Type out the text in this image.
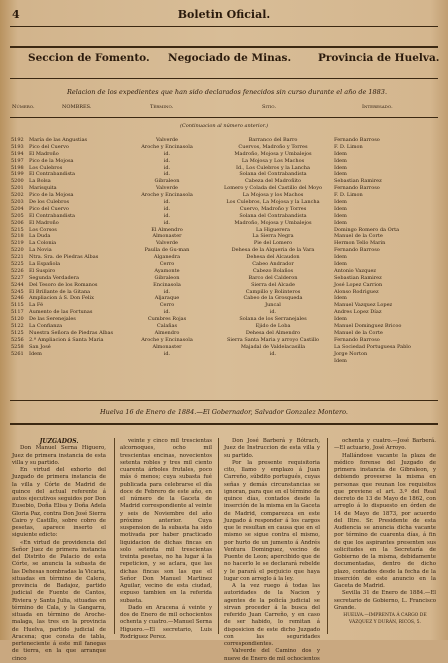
4	Boletin Oficial.
Seccion de Fomento. Negociado de Minas.	Provincia de Huelva.
Relacion de los expedientes que han sido declarados fenecidos sin curso durante el año de 1883.
Número.	NOMBRES.	Término.	Sitio.	Interesado.
(Continuacion al número anterior.)
5192	María de las Angustias	Valverde	Barranco del Barro	Fernando Barroso
5193	Pico del Cuervo	Aroche y Encinasola	Cuervos, Madroño y Torres	F. D. Limon
5194	El Madroño	id.	Madroño, Mojosa y Umbalejos	Idem
5197	Pico de la Mojosa	id.	La Mojosa y Los Machos	Idem
5198	Los Culebros	id.	Id., Los Culebros y la Lancha	Idem
5199	El Contrabandista	id.	Solana del Contrabandista	Idem
5200	La Bolsa	Gibraleon	Cabeza del Madroñito	Sebastian Ramirez
5201	Marisquita	Valverde	Lomero y Colada del Castillo del Moyo	Fernando Barroso
5202	Pico de la Mojosa	Aroche y Encinasola	La Mojosa y los Machos	F. D. Limon
5203	De los Culebros	id.	Los Culebros, La Mojosa y la Lancha	Idem
5204	Pico del Cuervo	id.	Cuervo, Madroño y Torres	Idem
5205	El Contrabandista	id.	Solana del Contrabandista	Idem
5206	El Madroño	id.	Madroño, Mojosa y Umbalejos	Idem
5215	Los Corsos	El Almendro	La Higuerera	Domingo Romero da Orta
5218	La Duda	Almonaster	La Sierra Negra	Manuel de la Corte
5219	La Colonia	Valverde	Pie del Lomero	Hermon Tello Marin
5220	La Novia	Paulla de Gu-man	Dehesa de la Alqueria de la Vara	Fernando Barroso
5221	Ntra. Sra. de Piedras Albas	Alganedra	Dehesa del Alcaudon	Idem
5225	La Española	Cerro	Cabeo Andrador	Idem
5226	El Suspiro	Ayamonte	Cabezo Bolaños	Antonio Vazquez
5227	Segunda Verdadera	Gibraleon	Barco del Calderon	Sebastian Ramirez
5244	Del Tesoro de los Romanos	Encinasola	Sierra del Alcade	José Lopez Carrion
5245	El Brillante de la Gitana	id.	Campillo y Bolinteros	Alonso Rodriguez
5246	Ampliacion á S. Don Felix	Aljaraque	Cabeo de la Grosqueda	Idem
5115	La Fé	Cerro	Juncal	Manuel Vazquez Lopez
5117	Aumento de las Fortunas	id.	id.	Andres Lopez Díaz
5120	De las Serenejales	Cumbres Rojas	Solana de los Serranejales	Idem
5122	La Confianza	Calañas	Ejido de Loba	Manuel Dominguez Bricoo
5125	Nuestra Señora de Piedras Albas	Almendro	Dehesa del Almendro	Manuel de la Corte
5256	2.ª Ampliacion á Santa Maria	Aroche y Encinasola	Sierra Santa Maria y arroyo Castillo	Fernando Barroso
5258	San José	Almonaster	Majadal de Valdelacasilla	La Sociedad Portuguesa Pablo
5261	Idem	id.	id.	Jorge Norton
Idem
Huelva 16 de Enero de 1884.—El Gobernador, Salvador Gonzalez Montero.

JUZGADOS.

Don Manuel Serna Higuero, Juez de primera instancia de esta villa y su partido.

En virtud del exhorto del Juzgado de primera instancia de la villa y Córte de Madrid de quince del actual referente á autos ejecutivos seguidos por Don Eusebio, Doña Elisa y Doña Adela Gloria Paz, contra Don José Sierra Cairo y Castillo, sobre cobro de pesetas, aparece inserto el siguiente edicto:

«En virtud de providencia del Señor Juez de primera instancia del Distrito de Palacio de esta Córte, se anuncia la subasta de las Dehesas nombradas la Vicaria, situadas en término de Calera, provincia de Badajoz, partido judicial de Fuente de Cantos, Riviera y Santa Julia, situadas en término de Cala, y la Gangarra, situada en término de Aroche-malaga, las tres en la provincia de Huelva, partido judicial de Aracena; que consta de tabla, perteneciente á este mil fanegas de tierra, en la que arranque cinco

veinte y cinco mil trescientas alcornoques, ocho mil trescientas encinas, novecientos setenta robles y tres mil ciento cuarenta árboles frutales, poco más ó menos; cuya subasta fué publicada para celebrarse el día doce de Febrero de este año, en el número de la Gaceta de Madrid correspondiente al veinte y seis de Noviembre del año próximo anterior. Cuya suspension de la subasta ha sido motivada por haber practicado liquidacion de dichas fincas en solo setenta mil trescientas treinta pesetas, no ha lugar á la repeticion, y se aclara, que las dichas fincas son las que el Señor Don Manuel Martinez Aguilar, vecino de esta ciudad, expuso tambien en la referida subasta.

Dado en Aracena á veinte y dos de Enero de mil ochocientos ochenta y cuatro.—Manuel Serna Higuero.—El secretario, Luis Rodriguez Perez.

Don José Barberá y Bótrach, Juez de Instruccion de esta villa y su partido.

Por la presente requisitoria cito, llamo y emplazo á Juan Carreño, súbdito portugués, cuyas señas y demás circunstancias se ignoran, para que en el término de quince días, contados desde la inserción de la misma en la Gaceta de Madrid, comparezca en este Juzgado á responder á los cargos que le resultan en causa que en el mismo se sigue contra el mismo, por hurto de un jumento á Andrés Ventura Dominguez, vecino de Puente de Leon; apercibido que de no hacerlo le se declarará rebelde y le parará el perjuicio que haya lugar con arreglo á la ley.

A la vez ruego á todas las autoridades de la Nacion y agentes de la policía judicial se sirvan proceder á la busca del referido Juan Carreño, y en caso de ser habido, lo remitan á disposicion de este dicho Juzgado con las seguridades correspondientes.

Valverde del Camino dos y nueve de Enero de mil ochocientos

ochenta y cuatro.—José Barberá.—El actuario, José Arroyo.

Hallándose vacante la plaza de médico forense del Juzgado de primera instancia de Gibraleon, y debiendo proveerse la misma en personas que reunan los requisitos que previene el art. 3.º del Real decreto de 13 de Mayo de 1862, con arreglo á lo dispuesto en órden de 14 de Mayo de 1873, por acuerdo del Iltre. Sr. Presidente de esta Audiencia se anuncia dicha vacante por término de cuarenta días, á fin de que los aspirantes presenten sus solicitudes en la Secretaría de Gobierno de la misma, debidamente documentadas, dentro de dicho plazo, contados desde la fecha de la inserción de este anuncio en la Gaceta de Madrid.

Sevilla 31 de Enero de 1884.—El secretario de Gobierno, L. Francisco Grande.

HUELVA.—IMPRENTA Á CARGO DE VÁZQUEZ Y DURÁN, RICOS, 5.
